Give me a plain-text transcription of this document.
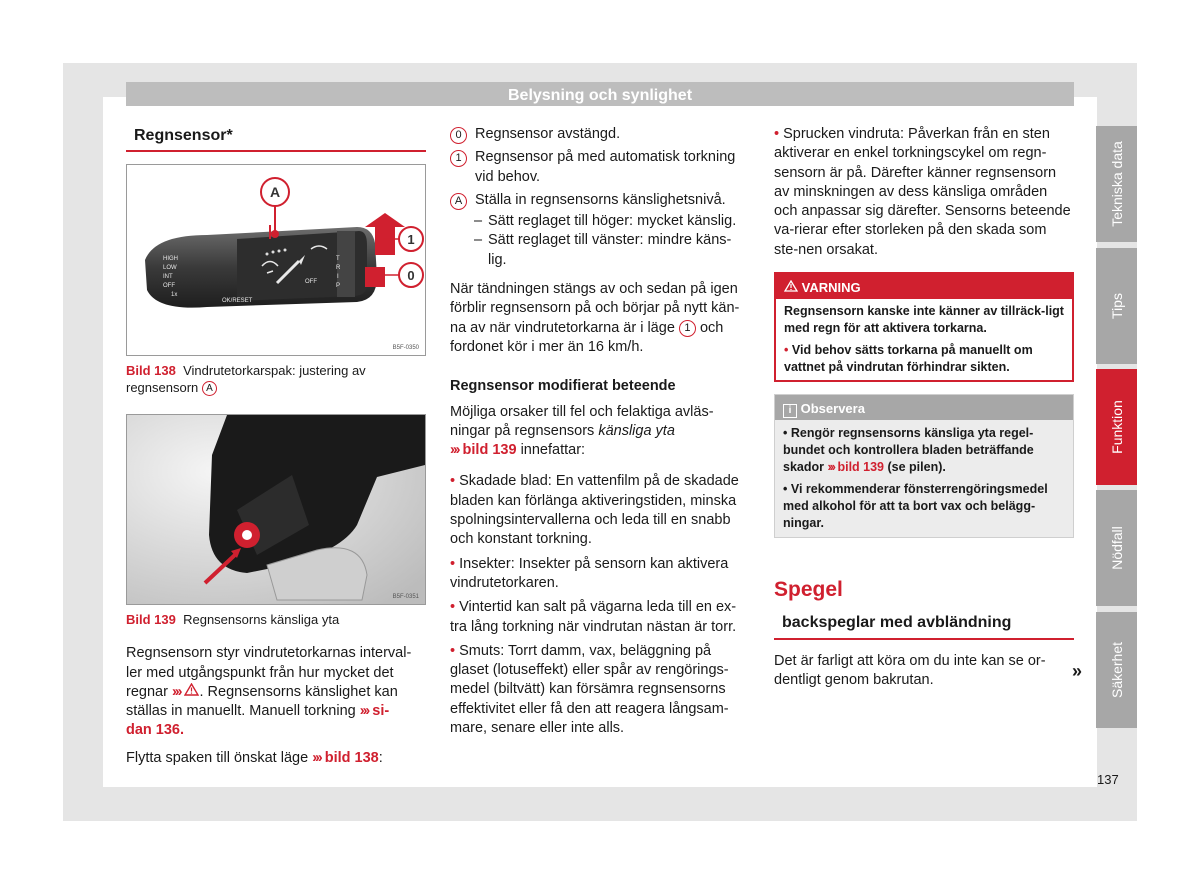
Belysning och synlighet
Tekniska data
Tips
Funktion
Nödfall
Säkerhet
137
Regnsensor*
A
1
0
HIGH
LOW
INT
OFF
1x
OK/RESET
OFF
T
R
I
P
B5F-0350
Bild 138 Vindrutetorkarspak: justering av regnsensorn A
B5F-0351
Bild 139 Regnsensorns känsliga yta
Regnsensorn styr vindrutetorkarnas interval-ler med utgångspunkt från hur mycket det regnar ››› . Regnsensorns känslighet kan ställas in manuellt. Manuell torkning ››› si-dan 136.
Flytta spaken till önskat läge ››› bild 138:
0 Regnsensor avstängd.
1 Regnsensor på med automatisk torkning vid behov.
A Ställa in regnsensorns känslighetsnivå.
– Sätt reglaget till höger: mycket känslig.
– Sätt reglaget till vänster: mindre käns-lig.
När tändningen stängs av och sedan på igen förblir regnsensorn på och börjar på nytt kän-na av när vindrutetorkarna är i läge 1 och fordonet kör i mer än 16 km/h.
Regnsensor modifierat beteende
Möjliga orsaker till fel och felaktiga avläs-ningar på regnsensors känsliga yta
››› bild 139 innefattar:
• Skadade blad: En vattenfilm på de skadade bladen kan förlänga aktiveringstiden, minska spolningsintervallerna och leda till en snabb och konstant torkning.
• Insekter: Insekter på sensorn kan aktivera vindrutetorkaren.
• Vintertid kan salt på vägarna leda till en ex-tra lång torkning när vindrutan nästan är torr.
• Smuts: Torrt damm, vax, beläggning på glaset (lotuseffekt) eller spår av rengörings-medel (biltvätt) kan försämra regnsensorns effektivitet eller få den att reagera långsam-mare, senare eller inte alls.
• Sprucken vindruta: Påverkan från en sten aktiverar en enkel torkningscykel om regn-sensorn är på. Därefter känner regnsensorn av minskningen av dess känsliga områden och anpassar sig därefter. Sensorns beteende va-rierar efter storleken på den skada som ste-nen orsakat.
VARNING
Regnsensorn kanske inte känner av tillräck-ligt med regn för att aktivera torkarna.
• Vid behov sätts torkarna på manuellt om vattnet på vindrutan förhindrar sikten.
i Observera
• Rengör regnsensorns känsliga yta regel-bundet och kontrollera bladen beträffande skador ››› bild 139 (se pilen).
• Vi rekommenderar fönsterrengöringsmedel med alkohol för att ta bort vax och belägg-ningar.
Spegel
backspeglar med avbländning
Det är farligt att köra om du inte kan se or-dentligt genom bakrutan.	»
